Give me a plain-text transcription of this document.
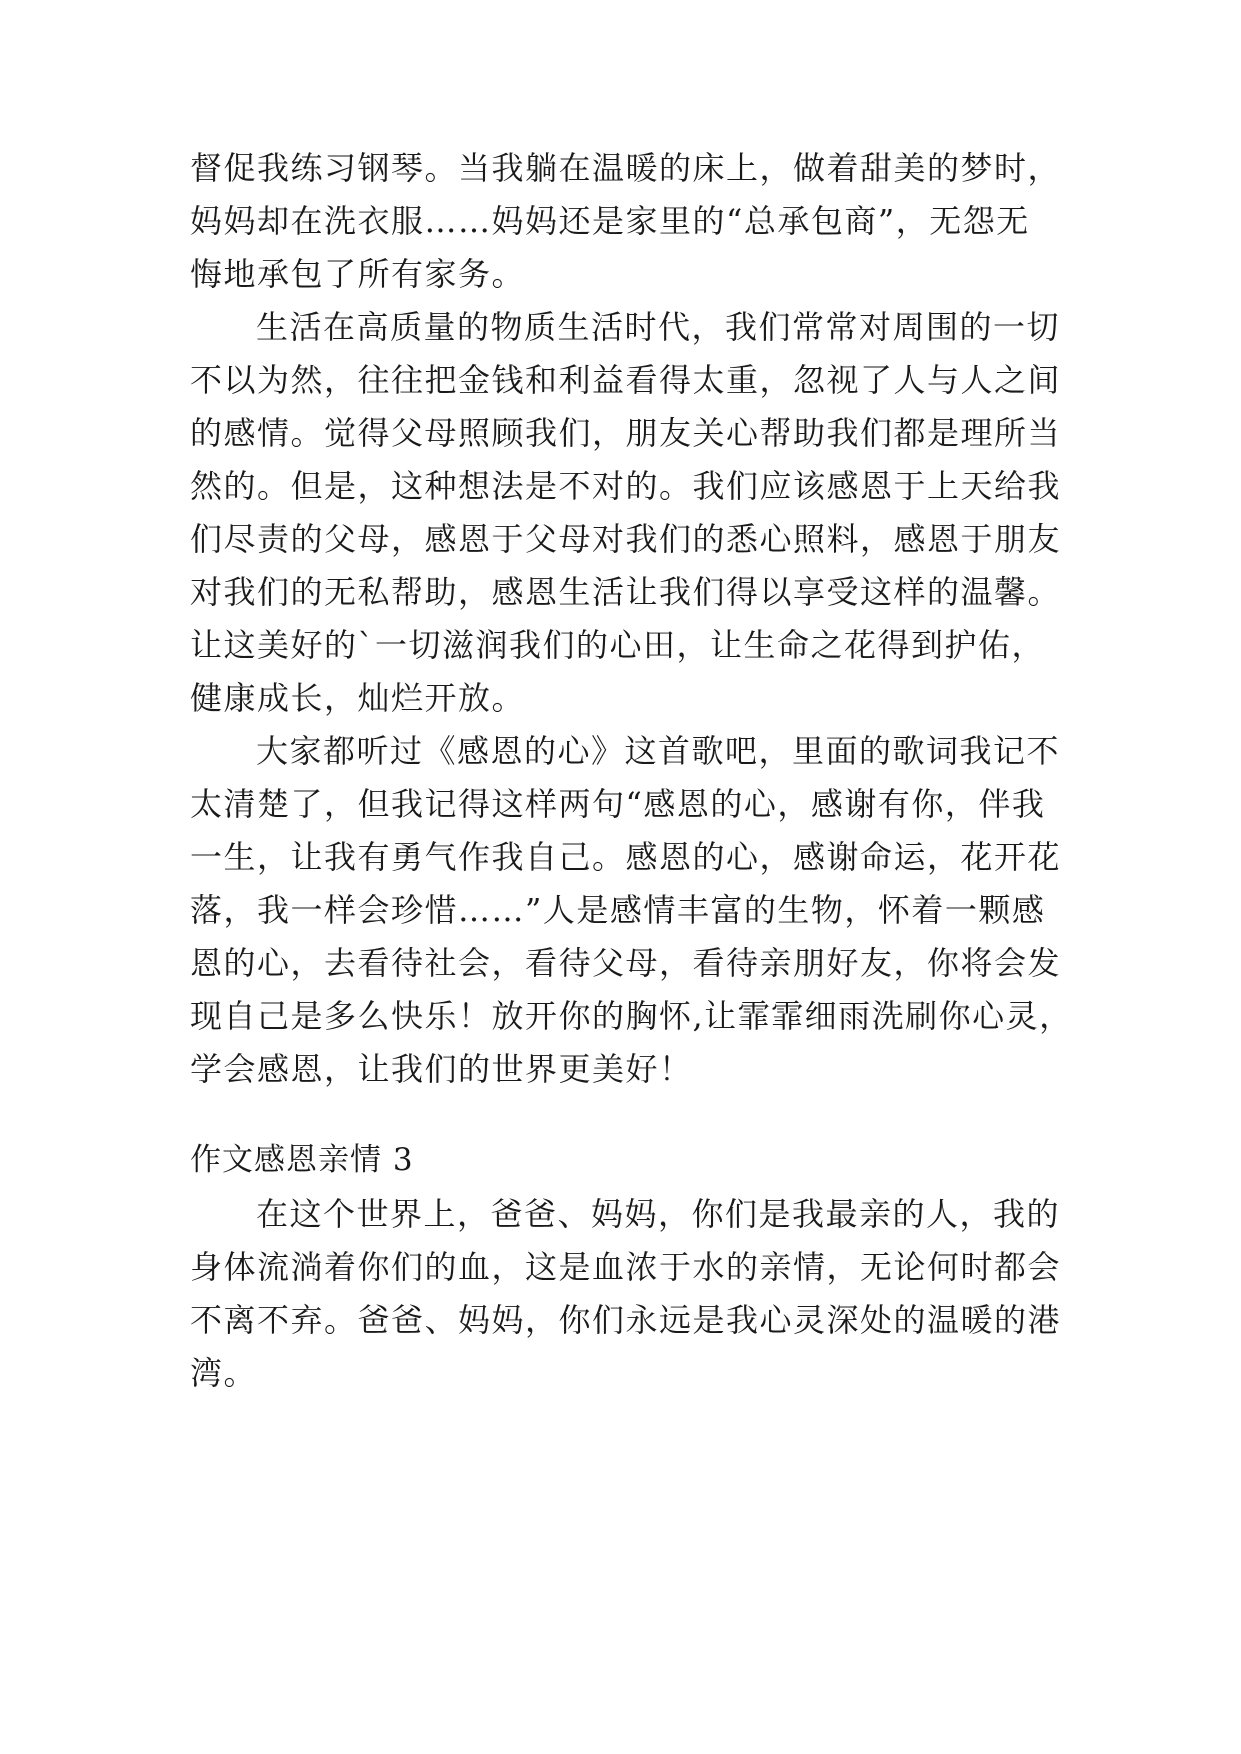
督促我练习钢琴。当我躺在温暖的床上，做着甜美的梦时，
妈妈却在洗衣服……妈妈还是家里的“总承包商”，无怨无
悔地承包了所有家务。
生活在高质量的物质生活时代，我们常常对周围的一切
不以为然，往往把金钱和利益看得太重，忽视了人与人之间
的感情。觉得父母照顾我们，朋友关心帮助我们都是理所当
然的。但是，这种想法是不对的。我们应该感恩于上天给我
们尽责的父母，感恩于父母对我们的悉心照料，感恩于朋友
对我们的无私帮助，感恩生活让我们得以享受这样的温馨。
让这美好的`一切滋润我们的心田，让生命之花得到护佑，
健康成长，灿烂开放。
大家都听过《感恩的心》这首歌吧，里面的歌词我记不
太清楚了，但我记得这样两句“感恩的心，感谢有你，伴我
一生，让我有勇气作我自己。感恩的心，感谢命运，花开花
落，我一样会珍惜……”人是感情丰富的生物，怀着一颗感
恩的心，去看待社会，看待父母，看待亲朋好友，你将会发
现自己是多么快乐！放开你的胸怀,让霏霏细雨洗刷你心灵，
学会感恩，让我们的世界更美好！
作文感恩亲情 3
在这个世界上，爸爸、妈妈，你们是我最亲的人，我的
身体流淌着你们的血，这是血浓于水的亲情，无论何时都会
不离不弃。爸爸、妈妈，你们永远是我心灵深处的温暖的港
湾。
